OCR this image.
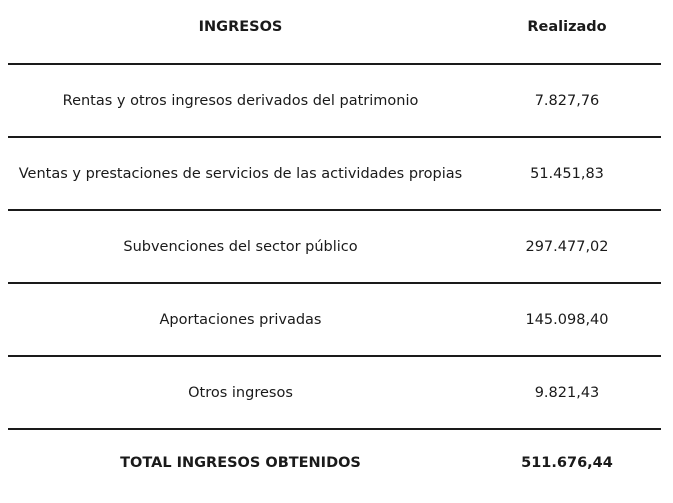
INGRESOS	Realizado
Rentas y otros ingresos derivados del patrimonio	7.827,76
Ventas y prestaciones de servicios de las actividades propias	51.451,83
Subvenciones del sector público	297.477,02
Aportaciones privadas	145.098,40
Otros ingresos	9.821,43
TOTAL INGRESOS OBTENIDOS	511.676,44
